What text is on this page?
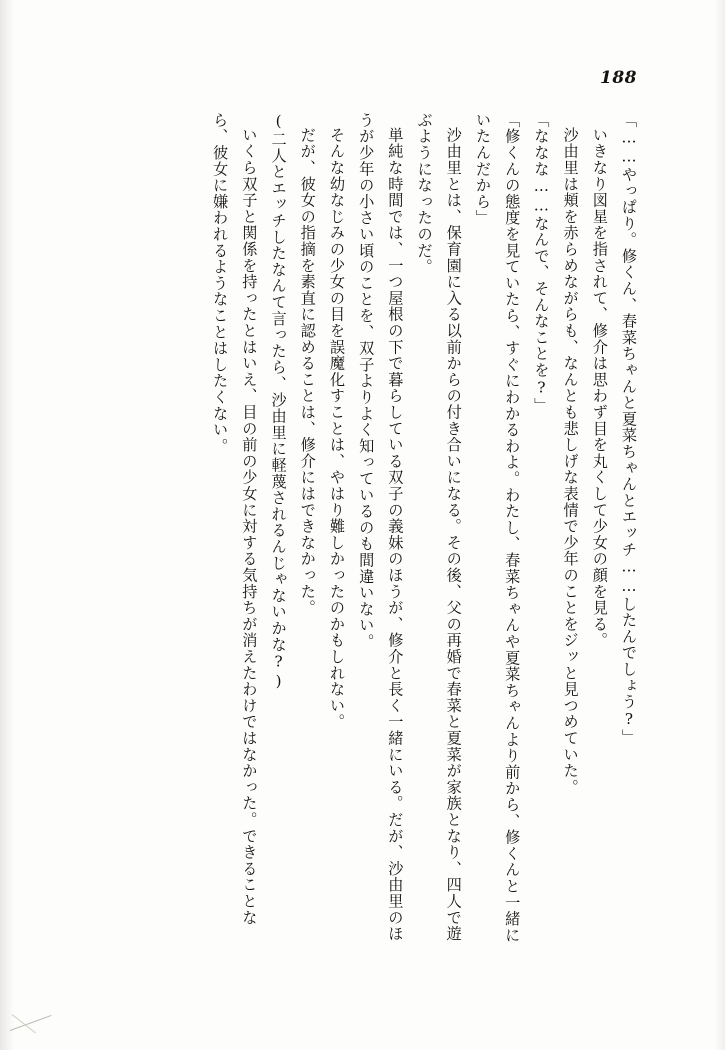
188

「……やっぱり。修くん、春菜ちゃんと夏菜ちゃんとエッチ……したんでしょう?」

いきなり図星を指されて、修介は思わず目を丸くして少女の顔を見る。

沙由里は頬を赤らめながらも、なんとも悲しげな表情で少年のことをジッと見つめていた。

「ななな……なんで、そんなことを?」

「修くんの態度を見ていたら、すぐにわかるわよ。わたし、春菜ちゃんや夏菜ちゃんより前から、修くんと一緒にいたんだから」

沙由里とは、保育園に入る以前からの付き合いになる。その後、父の再婚で春菜と夏菜が家族となり、四人で遊ぶようになったのだ。

単純な時間では、一つ屋根の下で暮らしている双子の義妹のほうが、修介と長く一緒にいる。だが、沙由里のほうが少年の小さい頃のことを、双子よりよく知っているのも間違いない。

そんな幼なじみの少女の目を誤魔化すことは、やはり難しかったのかもしれない。

だが、彼女の指摘を素直に認めることは、修介にはできなかった。

(二人とエッチしたなんて言ったら、沙由里に軽蔑されるんじゃないかな?)

いくら双子と関係を持ったとはいえ、目の前の少女に対する気持ちが消えたわけではなかった。できることなら、彼女に嫌われるようなことはしたくない。
